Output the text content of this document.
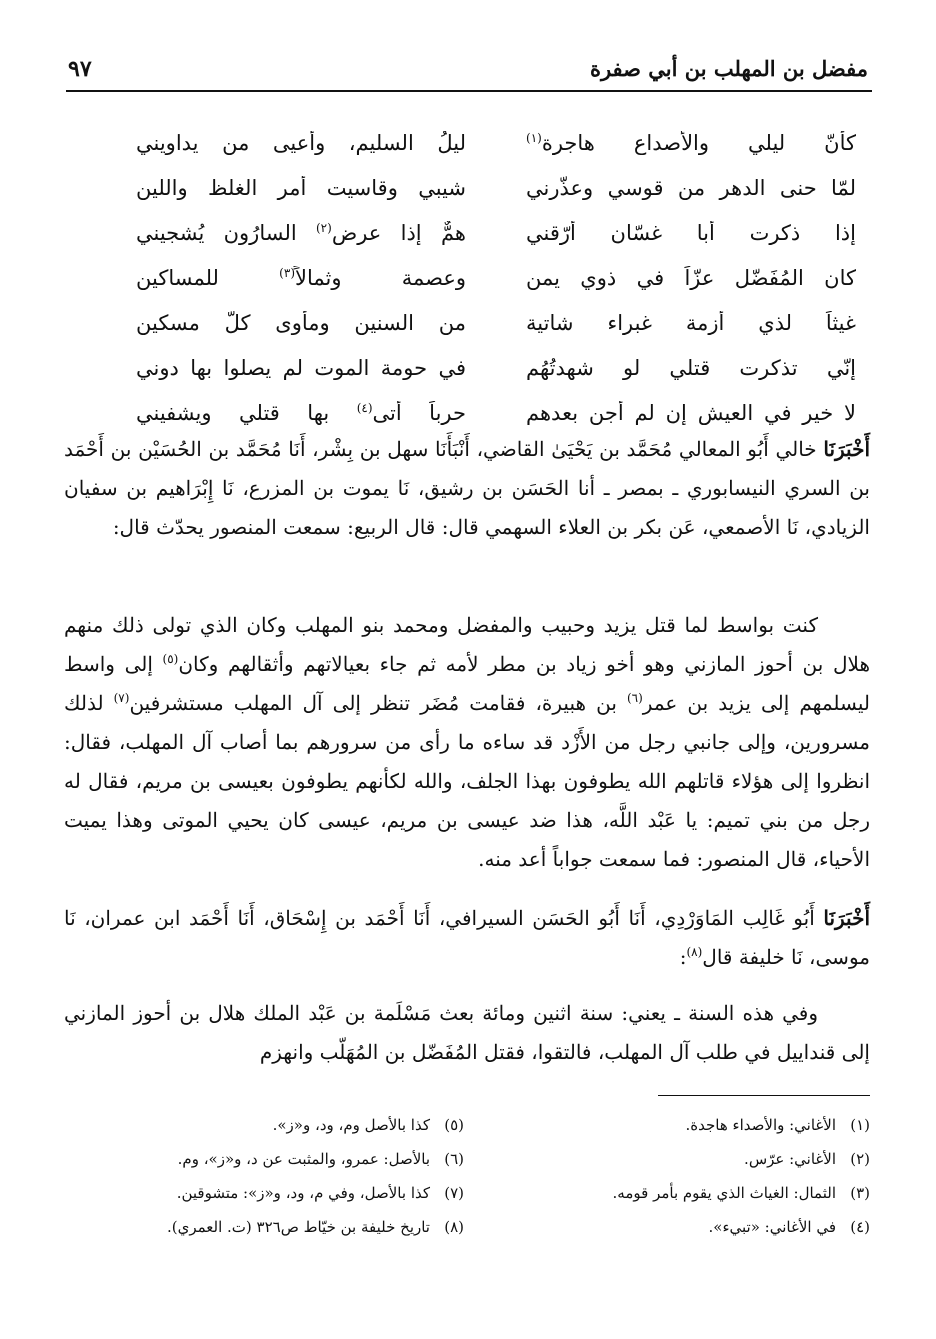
مفضل بن المهلب بن أبي صفرة
٩٧
كأنّ ليلي والأصداع هاجرة$^{(١)}$
ليلُ السليم، وأعيى من يداويني
لمّا حنى الدهر من قوسي وعذّرني
شيبي وقاسيت أمر الغلظ واللين
إذا ذكرت أبا غسّان أرّقني
همٌّ إذا عرض$^{(٢)}$ السارُون يُشجيني
كان المُفَضّل عزّاً في ذوي يمنٍ
وعصمة وثمالاً$^{(٣)}$ للمساكين
غيثاً لذي أزمة غبراء شاتية
من السنين ومأوى كلّ مسكين
إنّي تذكرت قتلي لو شهدتُهُم
في حومة الموت لم يصلوا بها دوني
لا خير في العيش إن لم أجن بعدهم
حرباً أتى$^{(٤)}$ بها قتلي ويشفيني

أَخْبَرَنَا خالي أَبُو المعالي مُحَمَّد بن يَحْيَىٰ القاضي، أَنْبَأَنَا سهل بن بِشْر، أَنَا مُحَمَّد بن الحُسَيْن بن أَحْمَد بن السري النيسابوري ـ بمصر ـ أنا الحَسَن بن رشيق، نَا يموت بن المزرع، نَا إِبْرَاهيم بن سفيان الزيادي، نَا الأصمعي، عَن بكر بن العلاء السهمي قال: قال الربيع: سمعت المنصور يحدّث قال:

كنت بواسط لما قتل يزيد وحبيب والمفضل ومحمد بنو المهلب وكان الذي تولى ذلك منهم هلال بن أحوز المازني وهو أخو زياد بن مطر لأمه ثم جاء بعيالاتهم وأثقالهم وكان$^{(٥)}$ إلى واسط ليسلمهم إلى يزيد بن عمر$^{(٦)}$ بن هبيرة، فقامت مُضَر تنظر إلى آل المهلب مستشرفين$^{(٧)}$ لذلك مسرورين، وإلى جانبي رجل من الأَزْد قد ساءه ما رأى من سرورهم بما أصاب آل المهلب، فقال: انظروا إلى هؤلاء قاتلهم الله يطوفون بهذا الجلف، والله لكأنهم يطوفون بعيسى بن مريم، فقال له رجل من بني تميم: يا عَبْد اللَّه، هذا ضد عيسى بن مريم، عيسى كان يحيي الموتى وهذا يميت الأحياء، قال المنصور: فما سمعت جواباً أعد منه.

أَخْبَرَنَا أَبُو غَالِب المَاوَرْدِي، أَنَا أَبُو الحَسَن السيرافي، أَنَا أَحْمَد بن إِسْحَاق، أَنَا أَحْمَد ابن عمران، نَا موسى، نَا خليفة قال$^{(٨)}$:

وفي هذه السنة ـ يعني: سنة اثنين ومائة بعث مَسْلَمة بن عَبْد الملك هلال بن أحوز المازني إلى قنداييل في طلب آل المهلب، فالتقوا، فقتل المُفَضّل بن المُهَلّب وانهزم

(١)الأغاني: والأصداء هاجدة.
(٢)الأغاني: عرّس.
(٣)الثمال: الغياث الذي يقوم بأمر قومه.
(٤)في الأغاني: «تبيء».
(٥)كذا بالأصل وم، ود، و«ز».
(٦)بالأصل: عمرو، والمثبت عن د، و«ز»، وم.
(٧)كذا بالأصل، وفي م، ود، و«ز»: متشوقين.
(٨)تاريخ خليفة بن خيّاط ص٣٢٦ (ت. العمري).
